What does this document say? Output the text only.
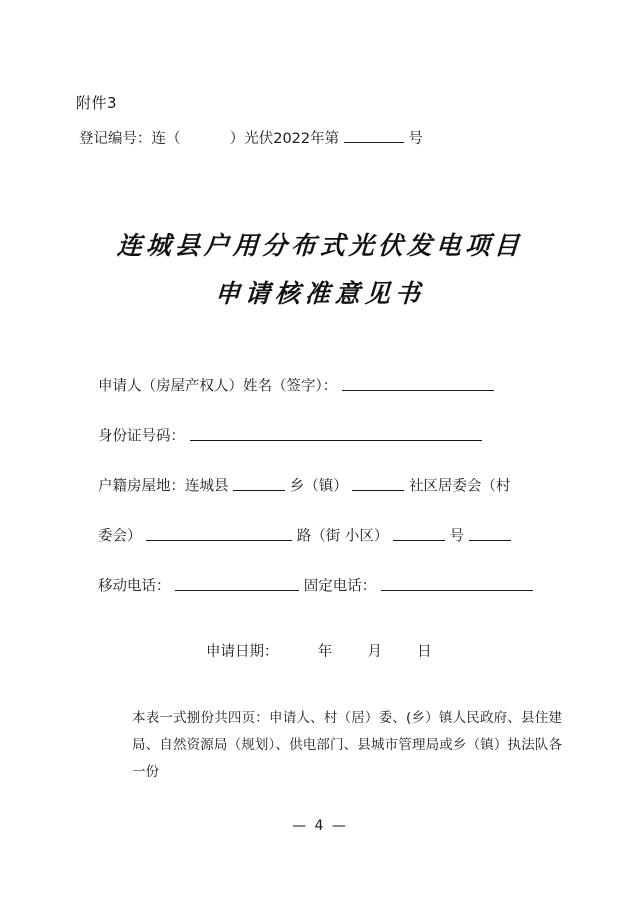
附件3
登记编号：连（	）光伏2022年第	号
连城县户用分布式光伏发电项目
申请核准意见书
申请人（房屋产权人）姓名（签字）：
身份证号码：
户籍房屋地：连城县	乡（镇）	社区居委会（村
委会）	路（街 小区）	号
移动电话：	固定电话：
申请日期：	年 月 日
本表一式捌份共四页：申请人、村（居）委、(乡）镇人民政府、县住建局、自然资源局（规划）、供电部门、县城市管理局或乡（镇）执法队各一份
— 4 —
